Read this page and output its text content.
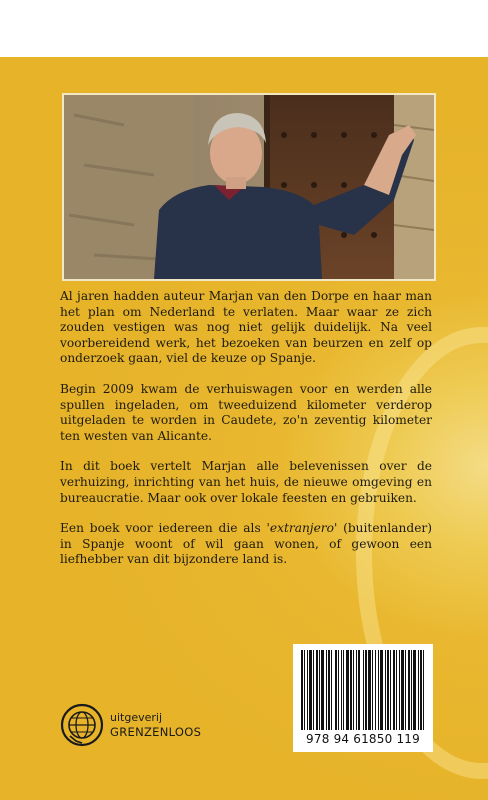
Al jaren hadden auteur Marjan van den Dorpe en haar man het plan om Nederland te verlaten. Maar waar ze zich zouden vestigen was nog niet gelijk duidelijk. Na veel voorbereidend werk, het bezoeken van beurzen en zelf op onderzoek gaan, viel de keuze op Spanje.

Begin 2009 kwam de verhuiswagen voor en werden alle spullen ingeladen, om tweeduizend kilometer verderop uitgeladen te worden in Caudete, zo'n zeventig kilometer ten westen van Alicante.

In dit boek vertelt Marjan alle belevenissen over de verhuizing, inrichting van het huis, de nieuwe omgeving en bureaucratie. Maar ook over lokale feesten en gebruiken.

Een boek voor iedereen die als 'extranjero' (buitenlander) in Spanje woont of wil gaan wonen, of gewoon een liefhebber van dit bijzondere land is.

uitgeverij
GRENZENLOOS	978 94 61850 119
